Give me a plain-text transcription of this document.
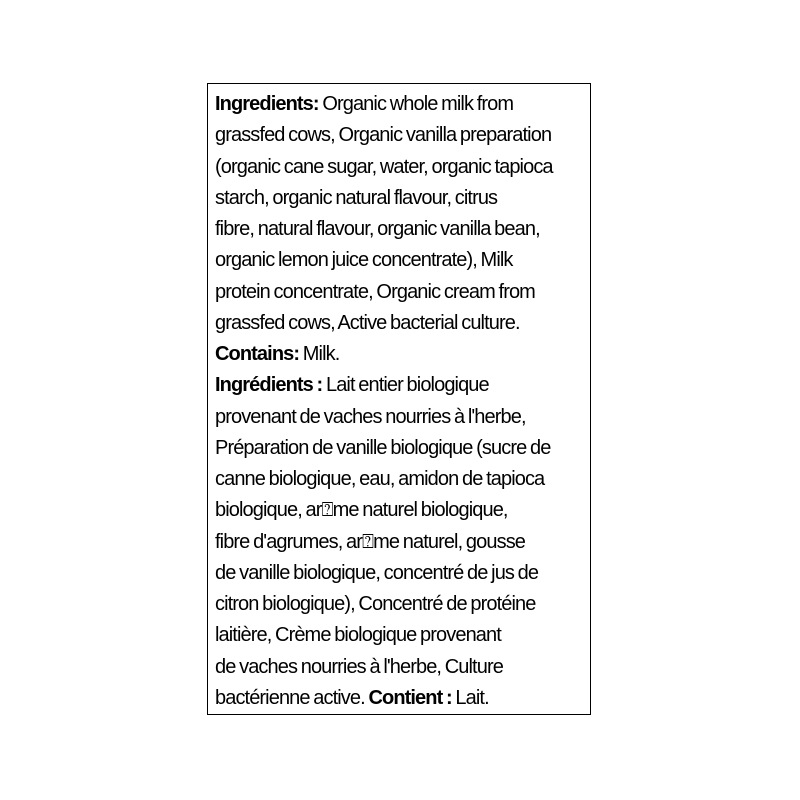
Ingredients: Organic whole milk from
grassfed cows, Organic vanilla preparation
(organic cane sugar, water, organic tapioca
starch, organic natural flavour, citrus
fibre, natural flavour, organic vanilla bean,
organic lemon juice concentrate), Milk
protein concentrate, Organic cream from
grassfed cows, Active bacterial culture.
Contains: Milk.
Ingrédients : Lait entier biologique
provenant de vaches nourries à l'herbe,
Préparation de vanille biologique (sucre de
canne biologique, eau, amidon de tapioca
biologique, ar⍰me naturel biologique,
fibre d'agrumes, ar⍰me naturel, gousse
de vanille biologique, concentré de jus de
citron biologique), Concentré de protéine
laitière, Crème biologique provenant
de vaches nourries à l'herbe, Culture
bactérienne active. Contient : Lait.
